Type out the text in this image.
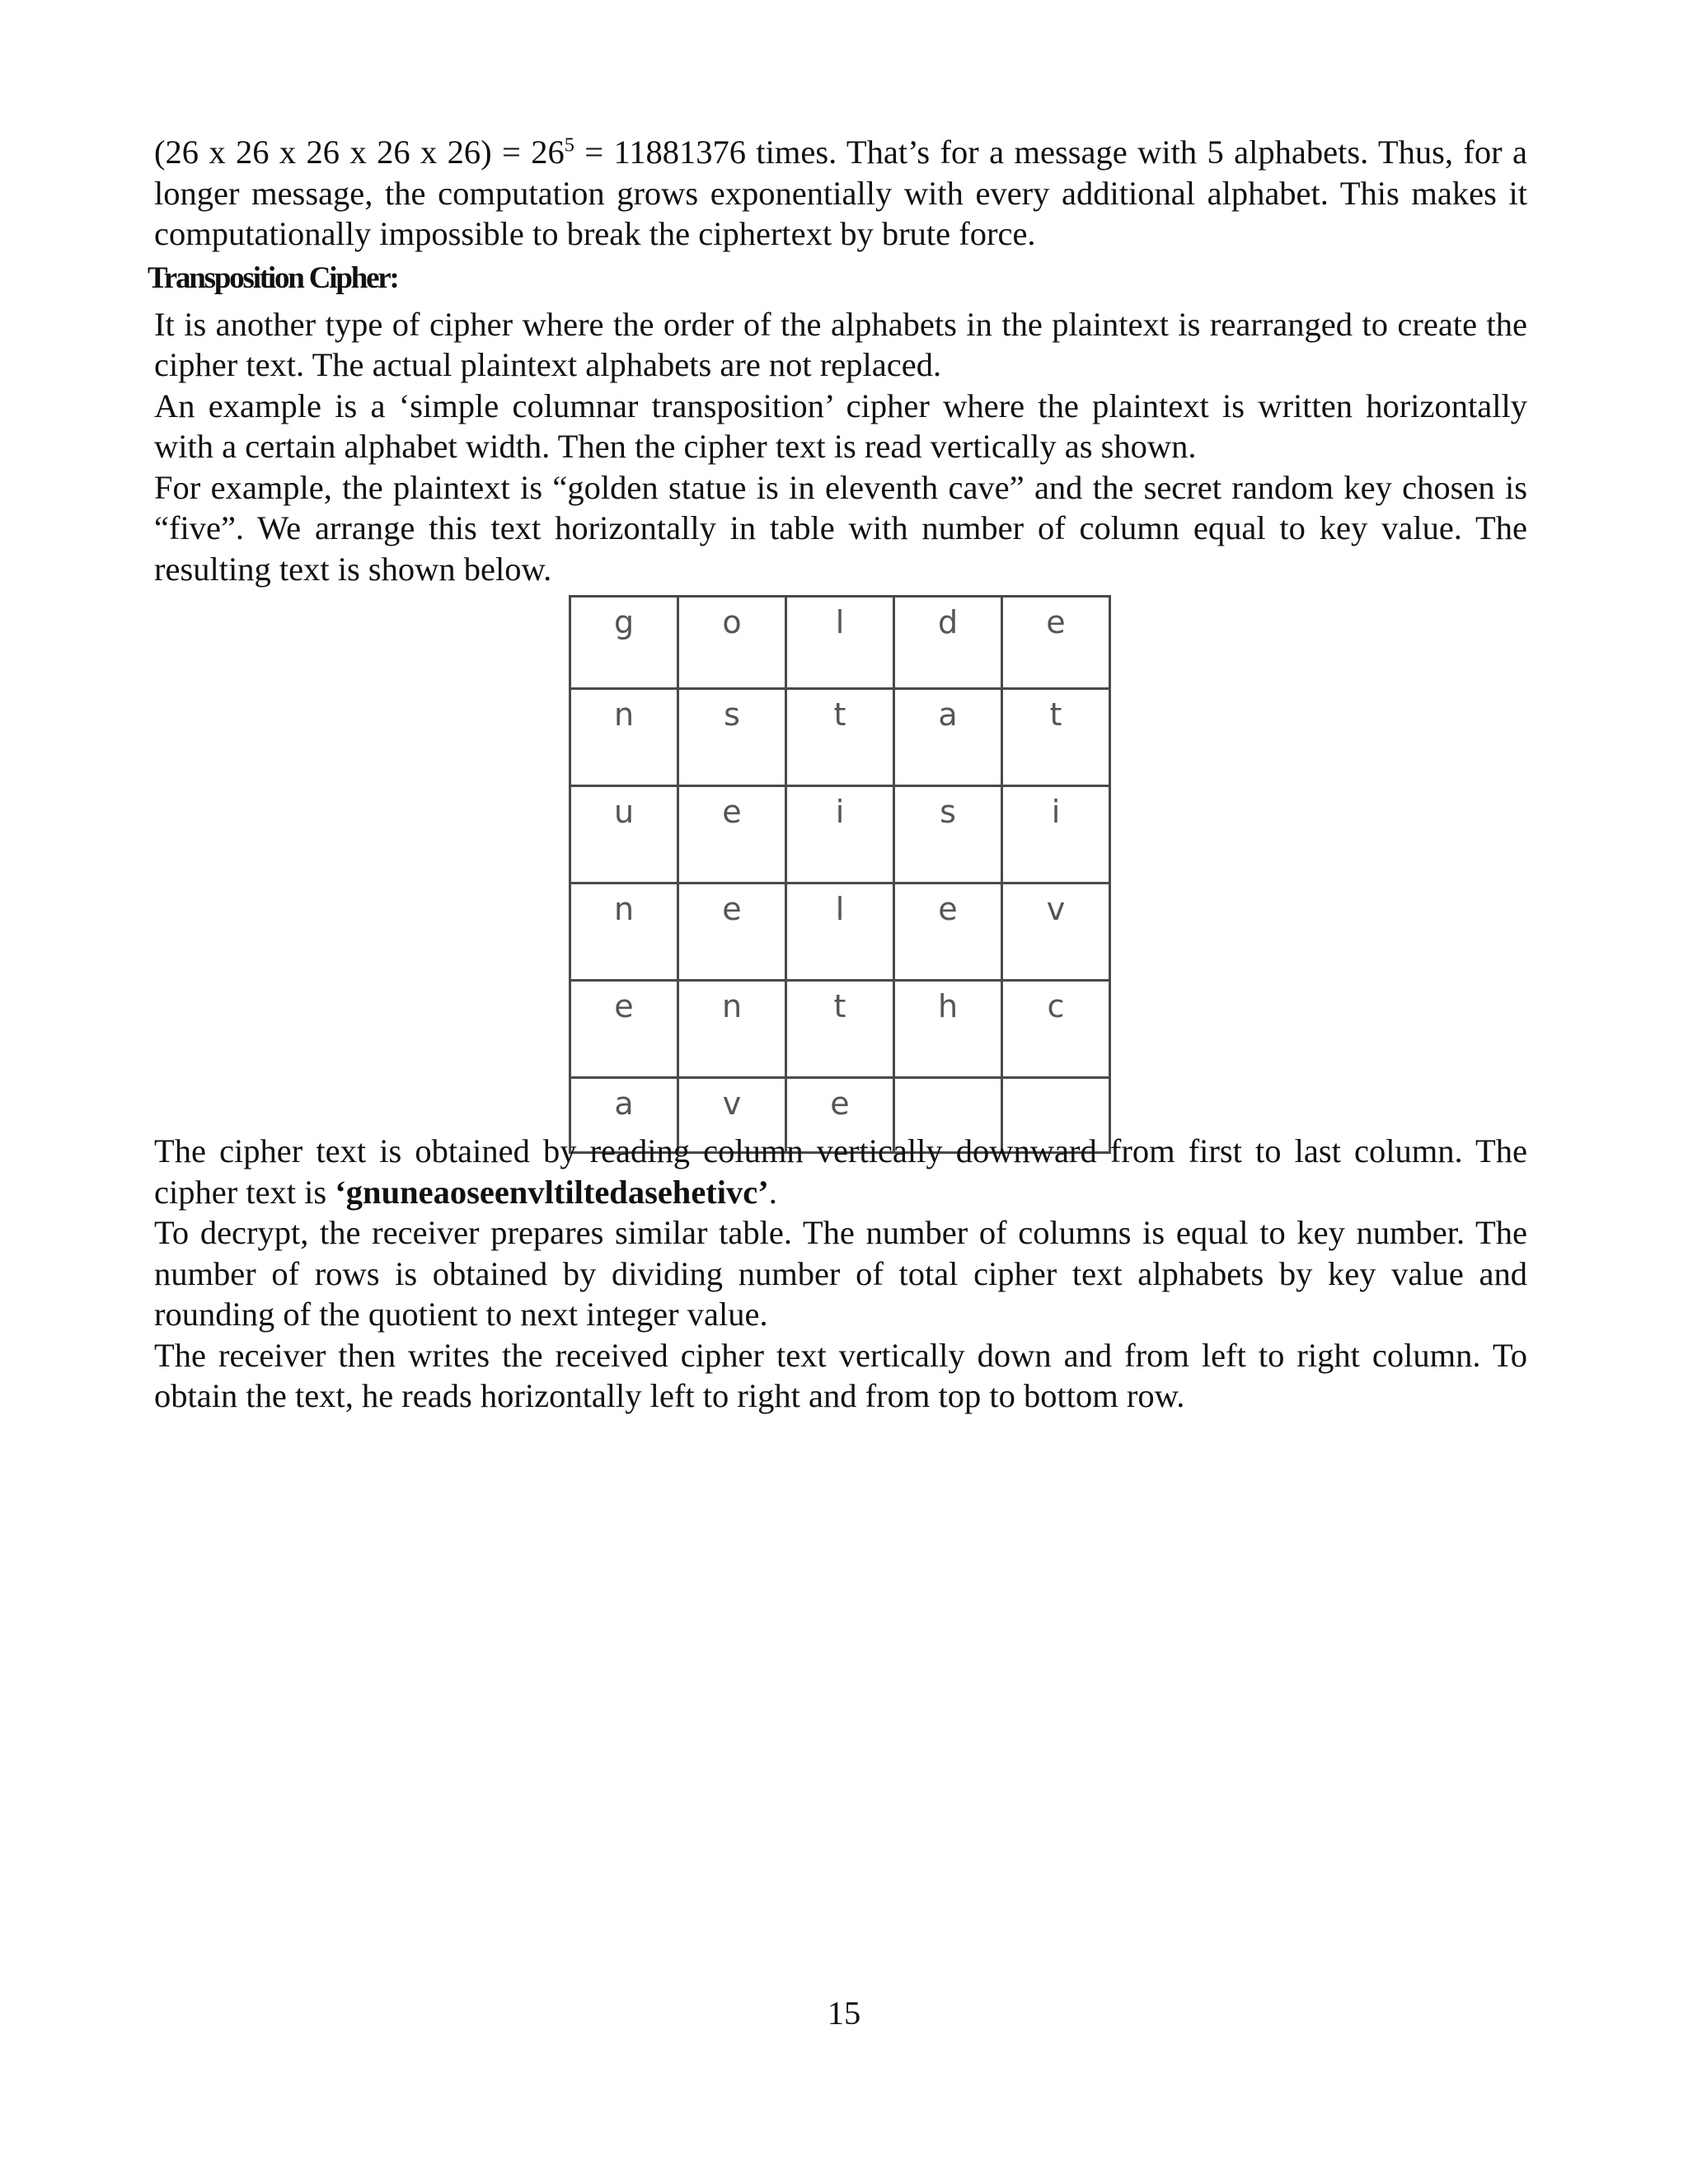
(26 x 26 x 26 x 26 x $26) = 26^5 = 11881376$ times. That’s for a message with 5 alphabets. Thus, for a longer message, the computation grows exponentially with every additional alphabet. This makes it computationally impossible to break the ciphertext by brute force.

Transposition Cipher:

It is another type of cipher where the order of the alphabets in the plaintext is rearranged to create the cipher text. The actual plaintext alphabets are not replaced.

An example is a ‘simple columnar transposition’ cipher where the plaintext is written horizontally with a certain alphabet width. Then the cipher text is read vertically as shown.

For example, the plaintext is “golden statue is in eleventh cave” and the secret random key chosen is “five”. We arrange this text horizontally in table with number of column equal to key value. The resulting text is shown below.

g	o	l	d	e
n	s	t	a	t
u	e	i	s	i
n	e	l	e	v
e	n	t	h	c
a	v	e		

The cipher text is obtained by reading column vertically downward from first to last column. The cipher text is ‘gnuneaoseenvltiltedasehetivc’.

To decrypt, the receiver prepares similar table. The number of columns is equal to key number. The number of rows is obtained by dividing number of total cipher text alphabets by key value and rounding of the quotient to next integer value.

The receiver then writes the received cipher text vertically down and from left to right column. To obtain the text, he reads horizontally left to right and from top to bottom row.

15
